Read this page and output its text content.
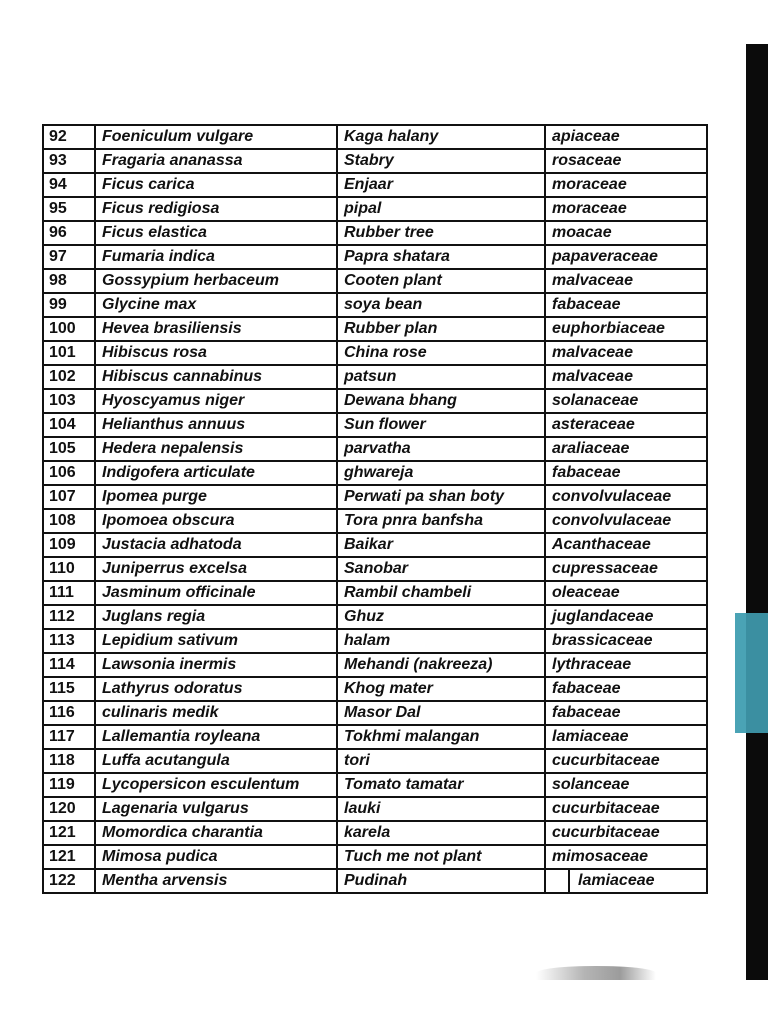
92	Foeniculum vulgare	Kaga halany	apiaceae
93	Fragaria ananassa	Stabry	rosaceae
94	Ficus carica	Enjaar	moraceae
95	Ficus redigiosa	pipal	moraceae
96	Ficus elastica	Rubber tree	moacae
97	Fumaria indica	Papra shatara	papaveraceae
98	Gossypium herbaceum	Cooten plant	malvaceae
99	Glycine max	soya bean	fabaceae
100	Hevea brasiliensis	Rubber plan	euphorbiaceae
101	Hibiscus rosa	China rose	malvaceae
102	Hibiscus cannabinus	patsun	malvaceae
103	Hyoscyamus niger	Dewana bhang	solanaceae
104	Helianthus annuus	Sun flower	asteraceae
105	Hedera nepalensis	parvatha	araliaceae
106	Indigofera articulate	ghwareja	fabaceae
107	Ipomea purge	Perwati pa shan boty	convolvulaceae
108	Ipomoea obscura	Tora pnra banfsha	convolvulaceae
109	Justacia adhatoda	Baikar	Acanthaceae
110	Juniperrus excelsa	Sanobar	cupressaceae
111	Jasminum officinale	Rambil chambeli	oleaceae
112	Juglans regia	Ghuz	juglandaceae
113	Lepidium sativum	halam	brassicaceae
114	Lawsonia inermis	Mehandi (nakreeza)	lythraceae
115	Lathyrus odoratus	Khog mater	fabaceae
116	culinaris medik	Masor Dal	fabaceae
117	Lallemantia royleana	Tokhmi malangan	lamiaceae
118	Luffa acutangula	tori	cucurbitaceae
119	Lycopersicon esculentum	Tomato tamatar	solanceae
120	Lagenaria vulgarus	lauki	cucurbitaceae
121	Momordica charantia	karela	cucurbitaceae
121	Mimosa pudica	Tuch me not plant	mimosaceae
122	Mentha arvensis	Pudinah	lamiaceae
